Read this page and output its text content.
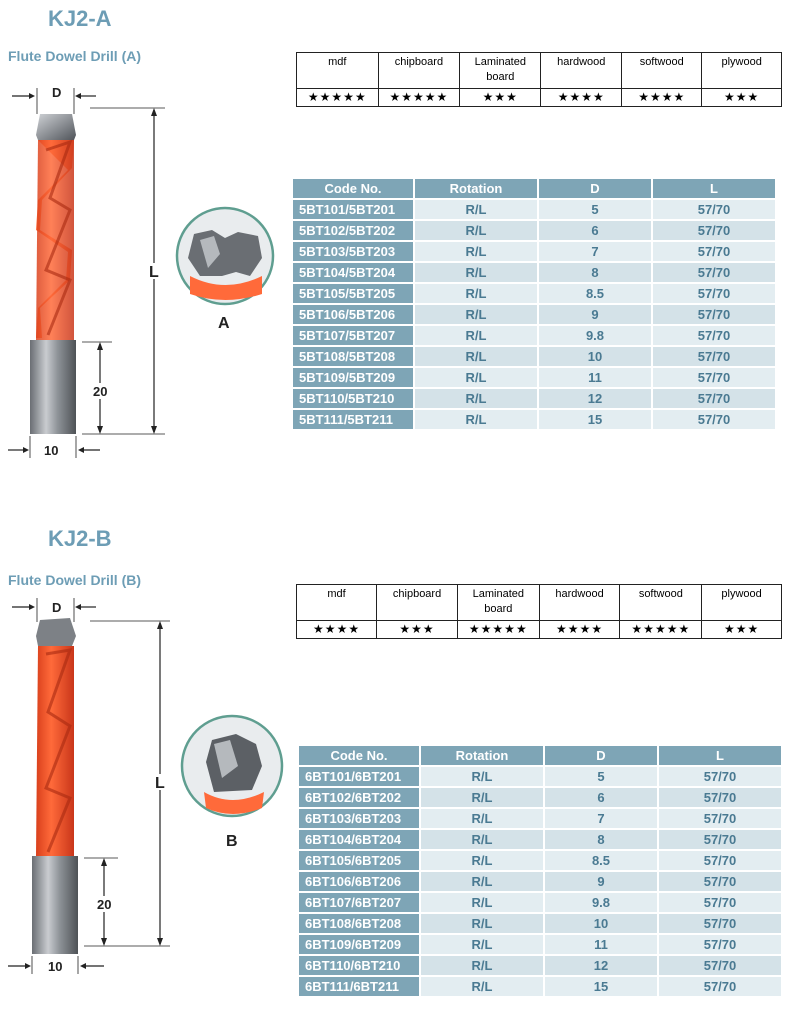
KJ2-A
Flute Dowel Drill (A)	mdf	chipboard	Laminated board	hardwood	softwood	plywood
★★★★★	★★★★★	★★★	★★★★	★★★★	★★★
Code No.	Rotation	D	L
5BT101/5BT201	R/L	5	57/70
5BT102/5BT202	R/L	6	57/70
5BT103/5BT203	R/L	7	57/70
5BT104/5BT204	R/L	8	57/70
5BT105/5BT205	R/L	8.5	57/70
5BT106/5BT206	R/L	9	57/70
5BT107/5BT207	R/L	9.8	57/70
5BT108/5BT208	R/L	10	57/70
5BT109/5BT209	R/L	11	57/70
5BT110/5BT210	R/L	12	57/70
5BT111/5BT211	R/L	15	57/70
D
L
20
10
A
KJ2-B
Flute Dowel Drill (B)
mdf	chipboard	Laminated board	hardwood	softwood	plywood
★★★★	★★★	★★★★★	★★★★	★★★★★	★★★
Code No.	Rotation	D	L
6BT101/6BT201	R/L	5	57/70
6BT102/6BT202	R/L	6	57/70
6BT103/6BT203	R/L	7	57/70
6BT104/6BT204	R/L	8	57/70
6BT105/6BT205	R/L	8.5	57/70
6BT106/6BT206	R/L	9	57/70
6BT107/6BT207	R/L	9.8	57/70
6BT108/6BT208	R/L	10	57/70
6BT109/6BT209	R/L	11	57/70
6BT110/6BT210	R/L	12	57/70
6BT111/6BT211	R/L	15	57/70
D
L
20
10
B
